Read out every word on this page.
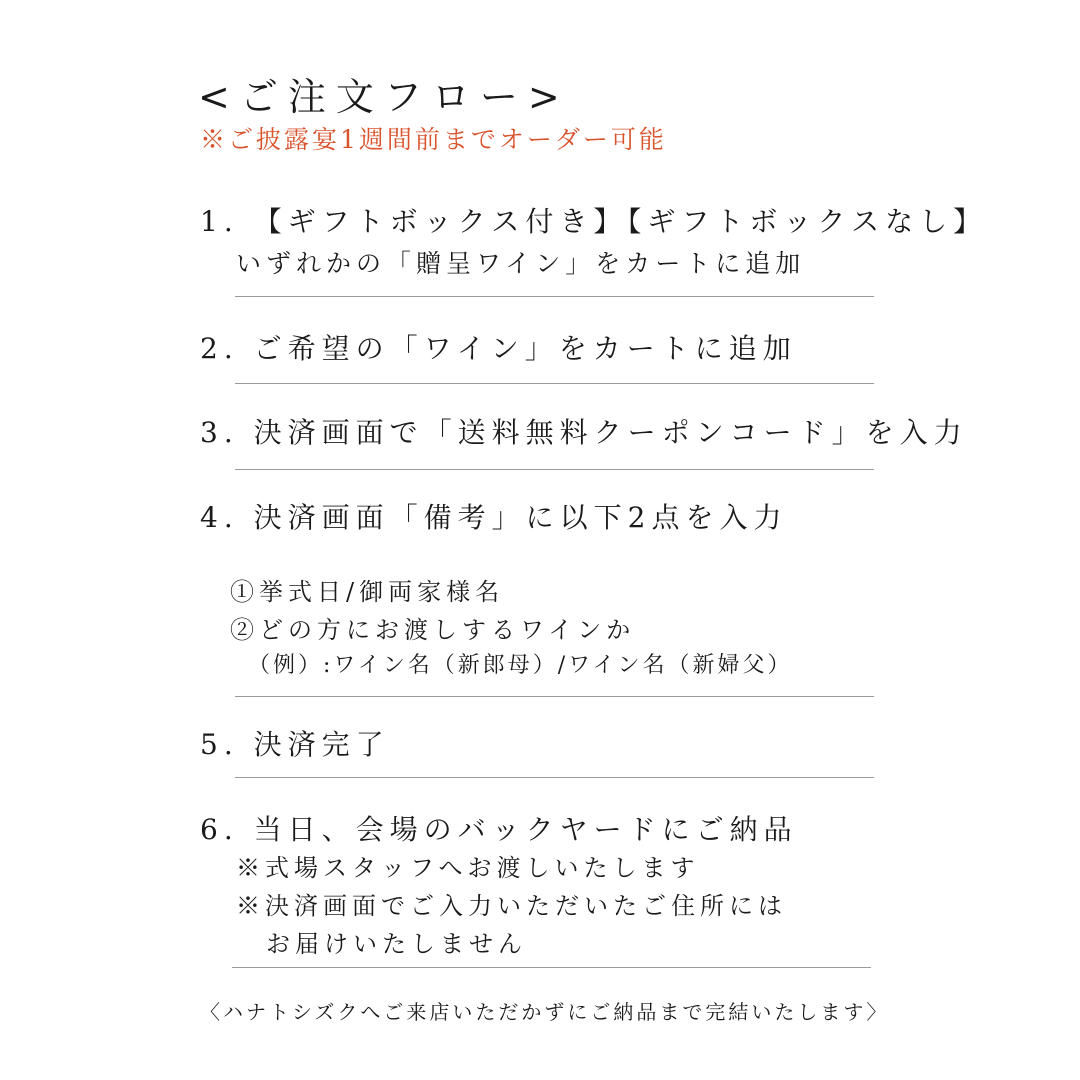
<ご注文フロー>
※ご披露宴1週間前までオーダー可能
1. 【ギフトボックス付き】【ギフトボックスなし】
いずれかの「贈呈ワイン」をカートに追加
2. ご希望の「ワイン」をカートに追加
3. 決済画面で「送料無料クーポンコード」を入力
4. 決済画面「備考」に以下2点を入力
①挙式日/御両家様名
②どの方にお渡しするワインか
（例）:ワイン名（新郎母）/ワイン名（新婦父）
5. 決済完了
6. 当日、会場のバックヤードにご納品
※式場スタッフへお渡しいたします
※決済画面でご入力いただいたご住所には
お届けいたしません
〈ハナトシズクへご来店いただかずにご納品まで完結いたします〉
